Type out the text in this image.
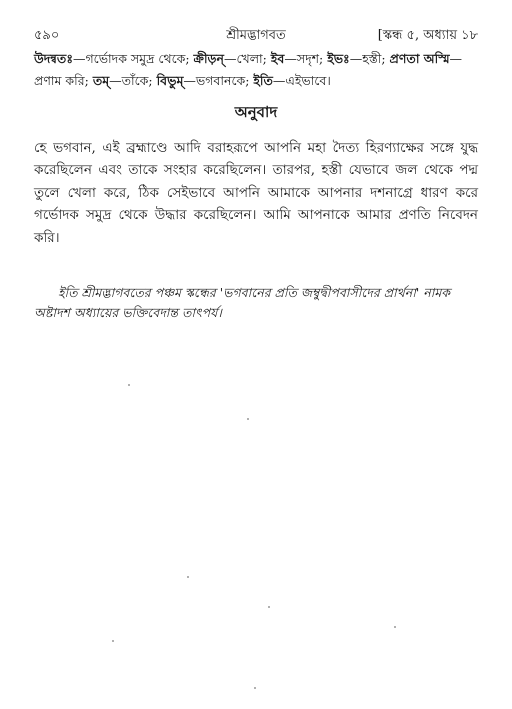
৫৯০	শ্রীমদ্ভাগবত	[স্কন্ধ ৫, অধ্যায় ১৮
উদন্বতঃ—গর্ভোদক সমুদ্র থেকে; ক্রীড়ন্—খেলা; ইব—সদৃশ; ইভঃ—হস্তী; প্রণতা অস্মি—প্রণাম করি; তম্—তাঁকে; বিভুম্—ভগবানকে; ইতি—এইভাবে।
অনুবাদ

হে ভগবান, এই ব্রহ্মাণ্ডে আদি বরাহরূপে আপনি মহা দৈত্য হিরণ্যাক্ষের সঙ্গে যুদ্ধ করেছিলেন এবং তাকে সংহার করেছিলেন। তারপর, হস্তী যেভাবে জল থেকে পদ্ম তুলে খেলা করে, ঠিক সেইভাবে আপনি আমাকে আপনার দশনাগ্রে ধারণ করে গর্ভোদক সমুদ্র থেকে উদ্ধার করেছিলেন। আমি আপনাকে আমার প্রণতি নিবেদন করি।

ইতি শ্রীমদ্ভাগবতের পঞ্চম স্কন্ধের 'ভগবানের প্রতি জম্বুদ্বীপবাসীদের প্রার্থনা' নামক অষ্টাদশ অধ্যায়ের ভক্তিবেদান্ত তাৎপর্য।
